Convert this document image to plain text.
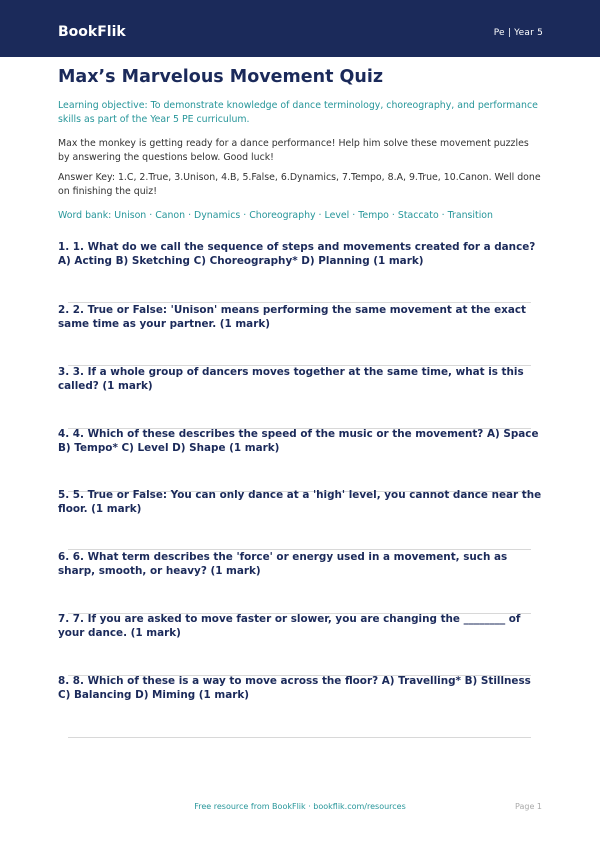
BookFlik	Pe | Year 5
Max’s Marvelous Movement Quiz

Learning objective: To demonstrate knowledge of dance terminology, choreography, and performance skills as part of the Year 5 PE curriculum.

Max the monkey is getting ready for a dance performance! Help him solve these movement puzzles by answering the questions below. Good luck!

Answer Key: 1.C, 2.True, 3.Unison, 4.B, 5.False, 6.Dynamics, 7.Tempo, 8.A, 9.True, 10.Canon. Well done on finishing the quiz!

Word bank: Unison · Canon · Dynamics · Choreography · Level · Tempo · Staccato · Transition

1. 1. What do we call the sequence of steps and movements created for a dance? A) Acting B) Sketching C) Choreography* D) Planning (1 mark)

2. 2. True or False: 'Unison' means performing the same movement at the exact same time as your partner. (1 mark)

3. 3. If a whole group of dancers moves together at the same time, what is this called? (1 mark)

4. 4. Which of these describes the speed of the music or the movement? A) Space B) Tempo* C) Level D) Shape (1 mark)

5. 5. True or False: You can only dance at a 'high' level, you cannot dance near the floor. (1 mark)

6. 6. What term describes the 'force' or energy used in a movement, such as sharp, smooth, or heavy? (1 mark)

7. 7. If you are asked to move faster or slower, you are changing the ________ of your dance. (1 mark)

8. 8. Which of these is a way to move across the floor? A) Travelling* B) Stillness C) Balancing D) Miming (1 mark)

Free resource from BookFlik · bookflik.com/resources	Page 1
